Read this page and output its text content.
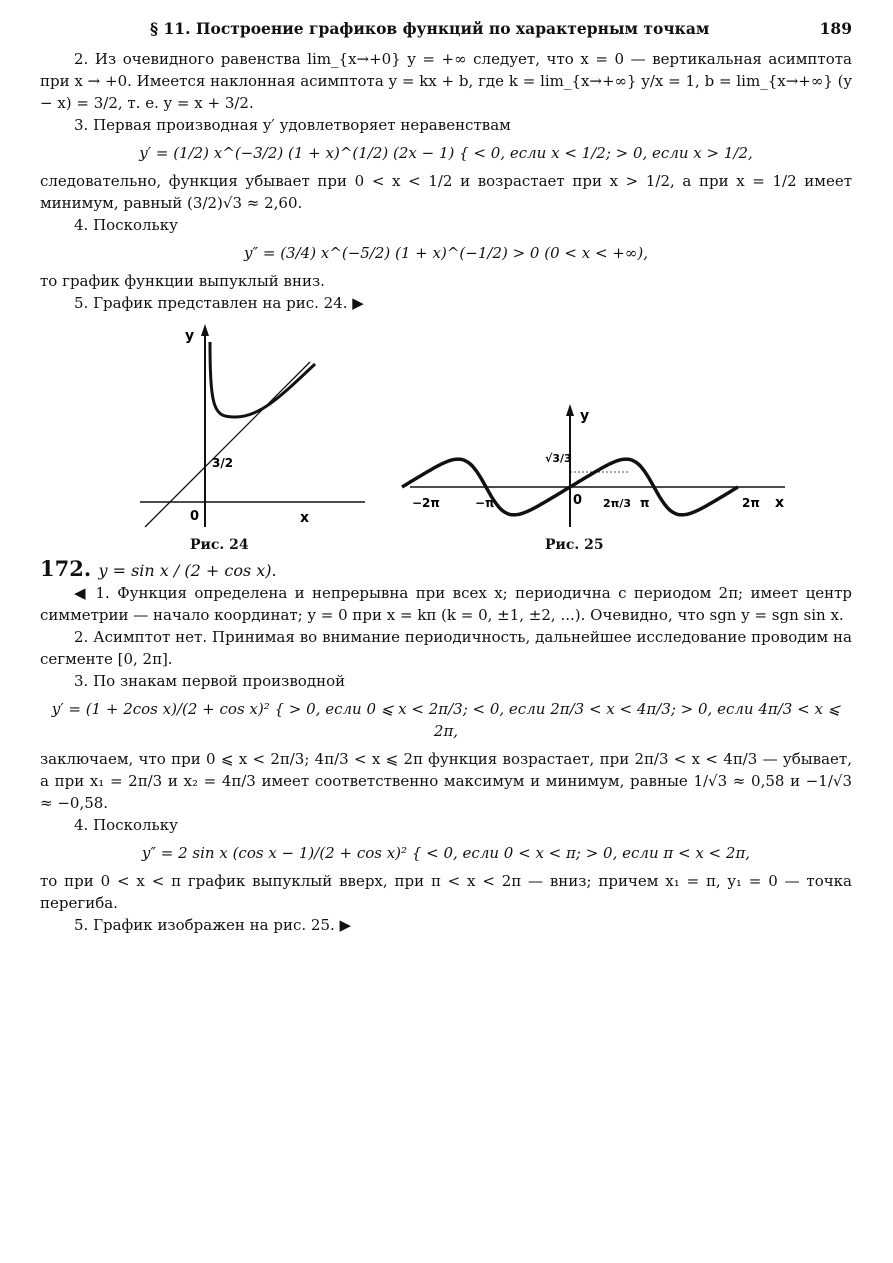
§ 11. Построение графиков функций по характерным точкам	189

2. Из очевидного равенства lim_{x→+0} y = +∞ следует, что x = 0 — вертикальная асимптота при x → +0. Имеется наклонная асимптота y = kx + b, где k = lim_{x→+∞} y/x = 1, b = lim_{x→+∞} (y − x) = 3/2, т. е. y = x + 3/2.

3. Первая производная y′ удовлетворяет неравенствам

y′ = (1/2) x^(−3/2) (1 + x)^(1/2) (2x − 1) { < 0, если x < 1/2; > 0, если x > 1/2,

следовательно, функция убывает при 0 < x < 1/2 и возрастает при x > 1/2, а при x = 1/2 имеет минимум, равный (3/2)√3 ≈ 2,60.

4. Поскольку

y″ = (3/4) x^(−5/2) (1 + x)^(−1/2) > 0 (0 < x < +∞),

то график функции выпуклый вниз.

5. График представлен на рис. 24. ▶

y
x
0
3/2
Рис. 24
y
x
0
√3/3
−2π	−π	2π/3 π	2π
Рис. 25
172. y = sin x / (2 + cos x).

◀ 1. Функция определена и непрерывна при всех x; периодична с периодом 2π; имеет центр симметрии — начало координат; y = 0 при x = kπ (k = 0, ±1, ±2, ...). Очевидно, что sgn y = sgn sin x.

2. Асимптот нет. Принимая во внимание периодичность, дальнейшее исследование проводим на сегменте [0, 2π].

3. По знакам первой производной

y′ = (1 + 2cos x)/(2 + cos x)² { > 0, если 0 ⩽ x < 2π/3; < 0, если 2π/3 < x < 4π/3; > 0, если 4π/3 < x ⩽ 2π,

заключаем, что при 0 ⩽ x < 2π/3; 4π/3 < x ⩽ 2π функция возрастает, при 2π/3 < x < 4π/3 — убывает, а при x₁ = 2π/3 и x₂ = 4π/3 имеет соответственно максимум и минимум, равные 1/√3 ≈ 0,58 и −1/√3 ≈ −0,58.

4. Поскольку

y″ = 2 sin x (cos x − 1)/(2 + cos x)² { < 0, если 0 < x < π; > 0, если π < x < 2π,

то при 0 < x < π график выпуклый вверх, при π < x < 2π — вниз; причем x₁ = π, y₁ = 0 — точка перегиба.

5. График изображен на рис. 25. ▶
